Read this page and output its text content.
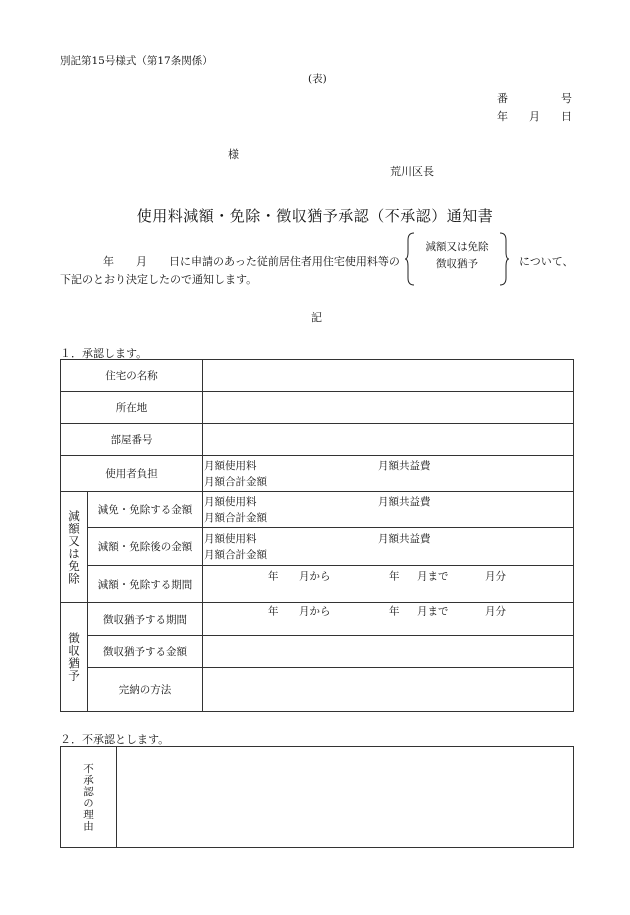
別記第15号様式（第17条関係）
(表)
番	号
年 月 日
様
荒川区長
使用料減額・免除・徴収猶予承認（不承認）通知書
年 月 日に申請のあった従前居住者用住宅使用料等の
減額又は免除
徴収猶予	について、
下記のとおり決定したので通知します。
記
１．承認します。
住宅の名称		
所在地		
部屋番号		
使用者負担		月額使用料 月額共益費
月額合計金額

減額又は免除	減免・免除する金額	月額使用料 月額共益費
月額合計金額

	減額・免除後の金額	月額使用料 月額共益費
月額合計金額

	減額・免除する期間	年 月から 年 月まで 月分

徴収猶予	徴収猶予する期間	年 月から 年 月まで 月分

	徴収猶予する金額	
	完納の方法	
２．不承認とします。
不承認の理由
